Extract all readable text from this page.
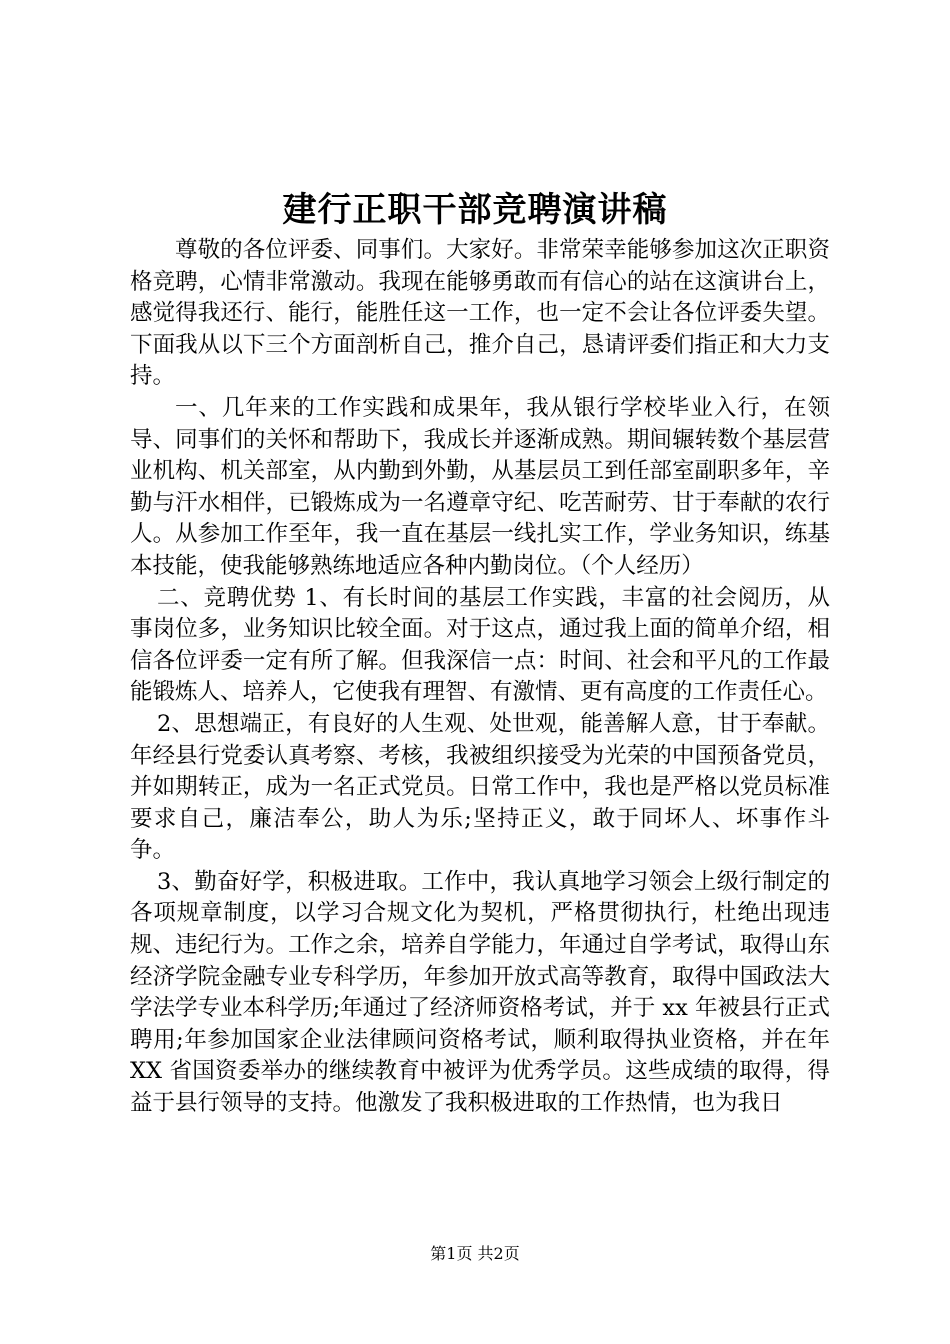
建行正职干部竞聘演讲稿

尊敬的各位评委、同事们。大家好。非常荣幸能够参加这次正职资格竞聘，心情非常激动。我现在能够勇敢而有信心的站在这演讲台上，感觉得我还行、能行，能胜任这一工作，也一定不会让各位评委失望。下面我从以下三个方面剖析自己，推介自己，恳请评委们指正和大力支持。

一、几年来的工作实践和成果年，我从银行学校毕业入行，在领导、同事们的关怀和帮助下，我成长并逐渐成熟。期间辗转数个基层营业机构、机关部室，从内勤到外勤，从基层员工到任部室副职多年，辛勤与汗水相伴，已锻炼成为一名遵章守纪、吃苦耐劳、甘于奉献的农行人。从参加工作至年，我一直在基层一线扎实工作，学业务知识，练基本技能，使我能够熟练地适应各种内勤岗位。（个人经历）

二、竞聘优势 1、有长时间的基层工作实践，丰富的社会阅历，从事岗位多，业务知识比较全面。对于这点，通过我上面的简单介绍，相信各位评委一定有所了解。但我深信一点：时间、社会和平凡的工作最能锻炼人、培养人，它使我有理智、有激情、更有高度的工作责任心。

2、思想端正，有良好的人生观、处世观，能善解人意，甘于奉献。年经县行党委认真考察、考核，我被组织接受为光荣的中国预备党员，并如期转正，成为一名正式党员。日常工作中，我也是严格以党员标准要求自己，廉洁奉公，助人为乐;坚持正义，敢于同坏人、坏事作斗争。

3、勤奋好学，积极进取。工作中，我认真地学习领会上级行制定的各项规章制度，以学习合规文化为契机，严格贯彻执行，杜绝出现违规、违纪行为。工作之余，培养自学能力，年通过自学考试，取得山东经济学院金融专业专科学历，年参加开放式高等教育，取得中国政法大学法学专业本科学历;年通过了经济师资格考试，并于 xx 年被县行正式聘用;年参加国家企业法律顾问资格考试，顺利取得执业资格，并在年 XX 省国资委举办的继续教育中被评为优秀学员。这些成绩的取得，得益于县行领导的支持。他激发了我积极进取的工作热情，也为我日

第1页 共2页
